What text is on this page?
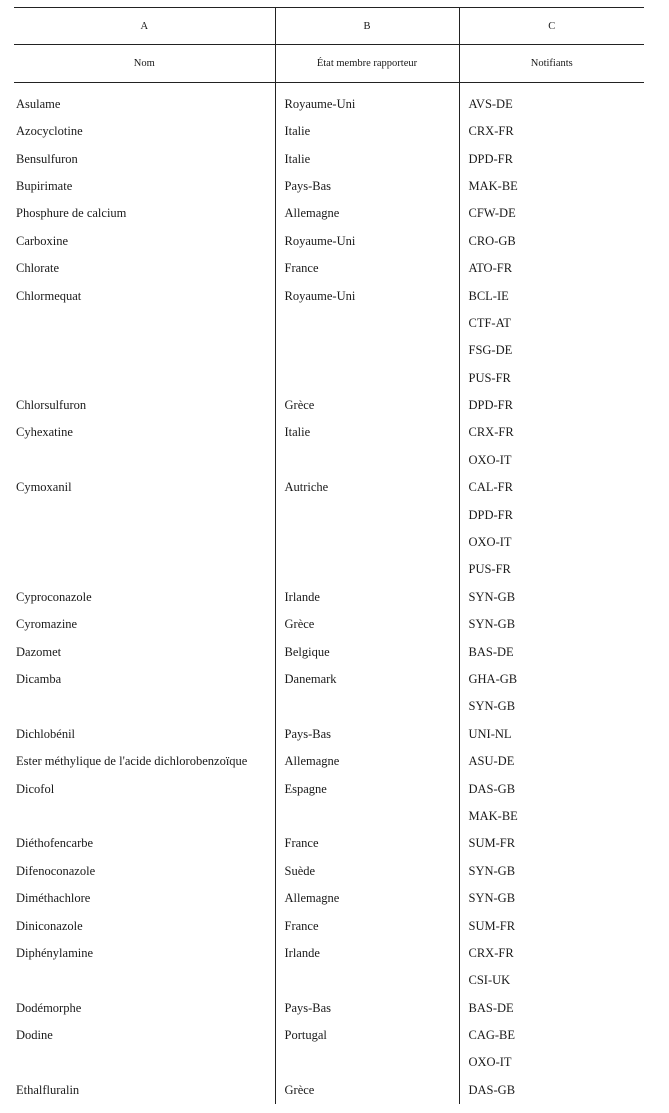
A	B	C
Nom	État membre rapporteur	Notifiants
Asulame	Royaume-Uni	AVS-DE
Azocyclotine	Italie	CRX-FR
Bensulfuron	Italie	DPD-FR
Bupirimate	Pays-Bas	MAK-BE
Phosphure de calcium	Allemagne	CFW-DE
Carboxine	Royaume-Uni	CRO-GB
Chlorate	France	ATO-FR
Chlormequat	Royaume-Uni	BCL-IE
		CTF-AT
		FSG-DE
		PUS-FR
Chlorsulfuron	Grèce	DPD-FR
Cyhexatine	Italie	CRX-FR
		OXO-IT
Cymoxanil	Autriche	CAL-FR
		DPD-FR
		OXO-IT
		PUS-FR
Cyproconazole	Irlande	SYN-GB
Cyromazine	Grèce	SYN-GB
Dazomet	Belgique	BAS-DE
Dicamba	Danemark	GHA-GB
		SYN-GB
Dichlobénil	Pays-Bas	UNI-NL
Ester méthylique de l'acide dichlorobenzoïque	Allemagne	ASU-DE
Dicofol	Espagne	DAS-GB
		MAK-BE
Diéthofencarbe	France	SUM-FR
Difenoconazole	Suède	SYN-GB
Diméthachlore	Allemagne	SYN-GB
Diniconazole	France	SUM-FR
Diphénylamine	Irlande	CRX-FR
		CSI-UK
Dodémorphe	Pays-Bas	BAS-DE
Dodine	Portugal	CAG-BE
		OXO-IT
Ethalfluralin	Grèce	DAS-GB
